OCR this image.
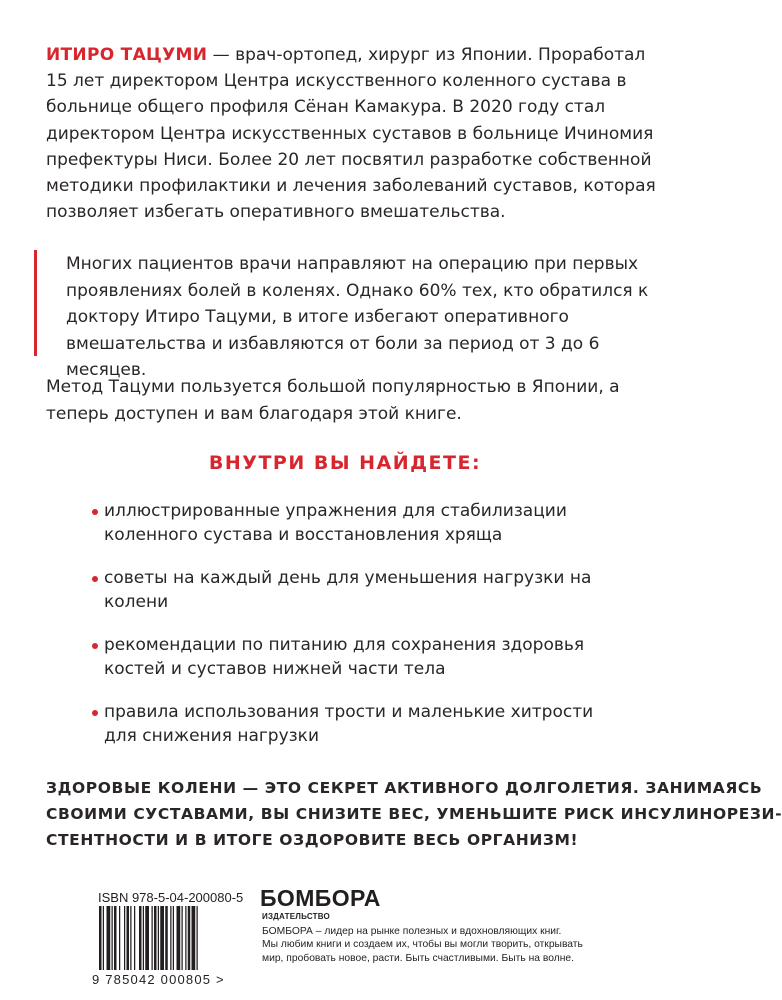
ИТИРО ТАЦУМИ — врач-ортопед, хирург из Японии. Проработал 15 лет директором Центра искусственного коленного сустава в больнице общего профиля Сёнан Камакура. В 2020 году стал директором Центра искусственных суставов в больнице Ичиномия префектуры Ниси. Более 20 лет посвятил разработке собственной методики профилактики и лечения заболеваний суставов, которая позволяет избегать оперативного вмешательства.
Многих пациентов врачи направляют на операцию при первых проявлениях болей в коленях. Однако 60% тех, кто обратился к доктору Итиро Тацуми, в итоге избегают оперативного вмешательства и избавляются от боли за период от 3 до 6 месяцев.
Метод Тацуми пользуется большой популярностью в Японии, а теперь доступен и вам благодаря этой книге.
ВНУТРИ ВЫ НАЙДЕТЕ:
иллюстрированные упражнения для стабилизации коленного сустава и восстановления хряща
советы на каждый день для уменьшения нагрузки на колени
рекомендации по питанию для сохранения здоровья костей и суставов нижней части тела
правила использования трости и маленькие хитрости для снижения нагрузки
ЗДОРОВЫЕ КОЛЕНИ — ЭТО СЕКРЕТ АКТИВНОГО ДОЛГОЛЕТИЯ. ЗАНИМАЯСЬ
СВОИМИ СУСТАВАМИ, ВЫ СНИЗИТЕ ВЕС, УМЕНЬШИТЕ РИСК ИНСУЛИНОРЕЗИ-
СТЕНТНОСТИ И В ИТОГЕ ОЗДОРОВИТЕ ВЕСЬ ОРГАНИЗМ!
ISBN 978-5-04-200080-5
9 785042 000805 >
БОМБОРА
ИЗДАТЕЛЬСТВО
БОМБОРА – лидер на рынке полезных и вдохновляющих книг.
Мы любим книги и создаем их, чтобы вы могли творить, открывать
мир, пробовать новое, расти. Быть счастливыми. Быть на волне.
